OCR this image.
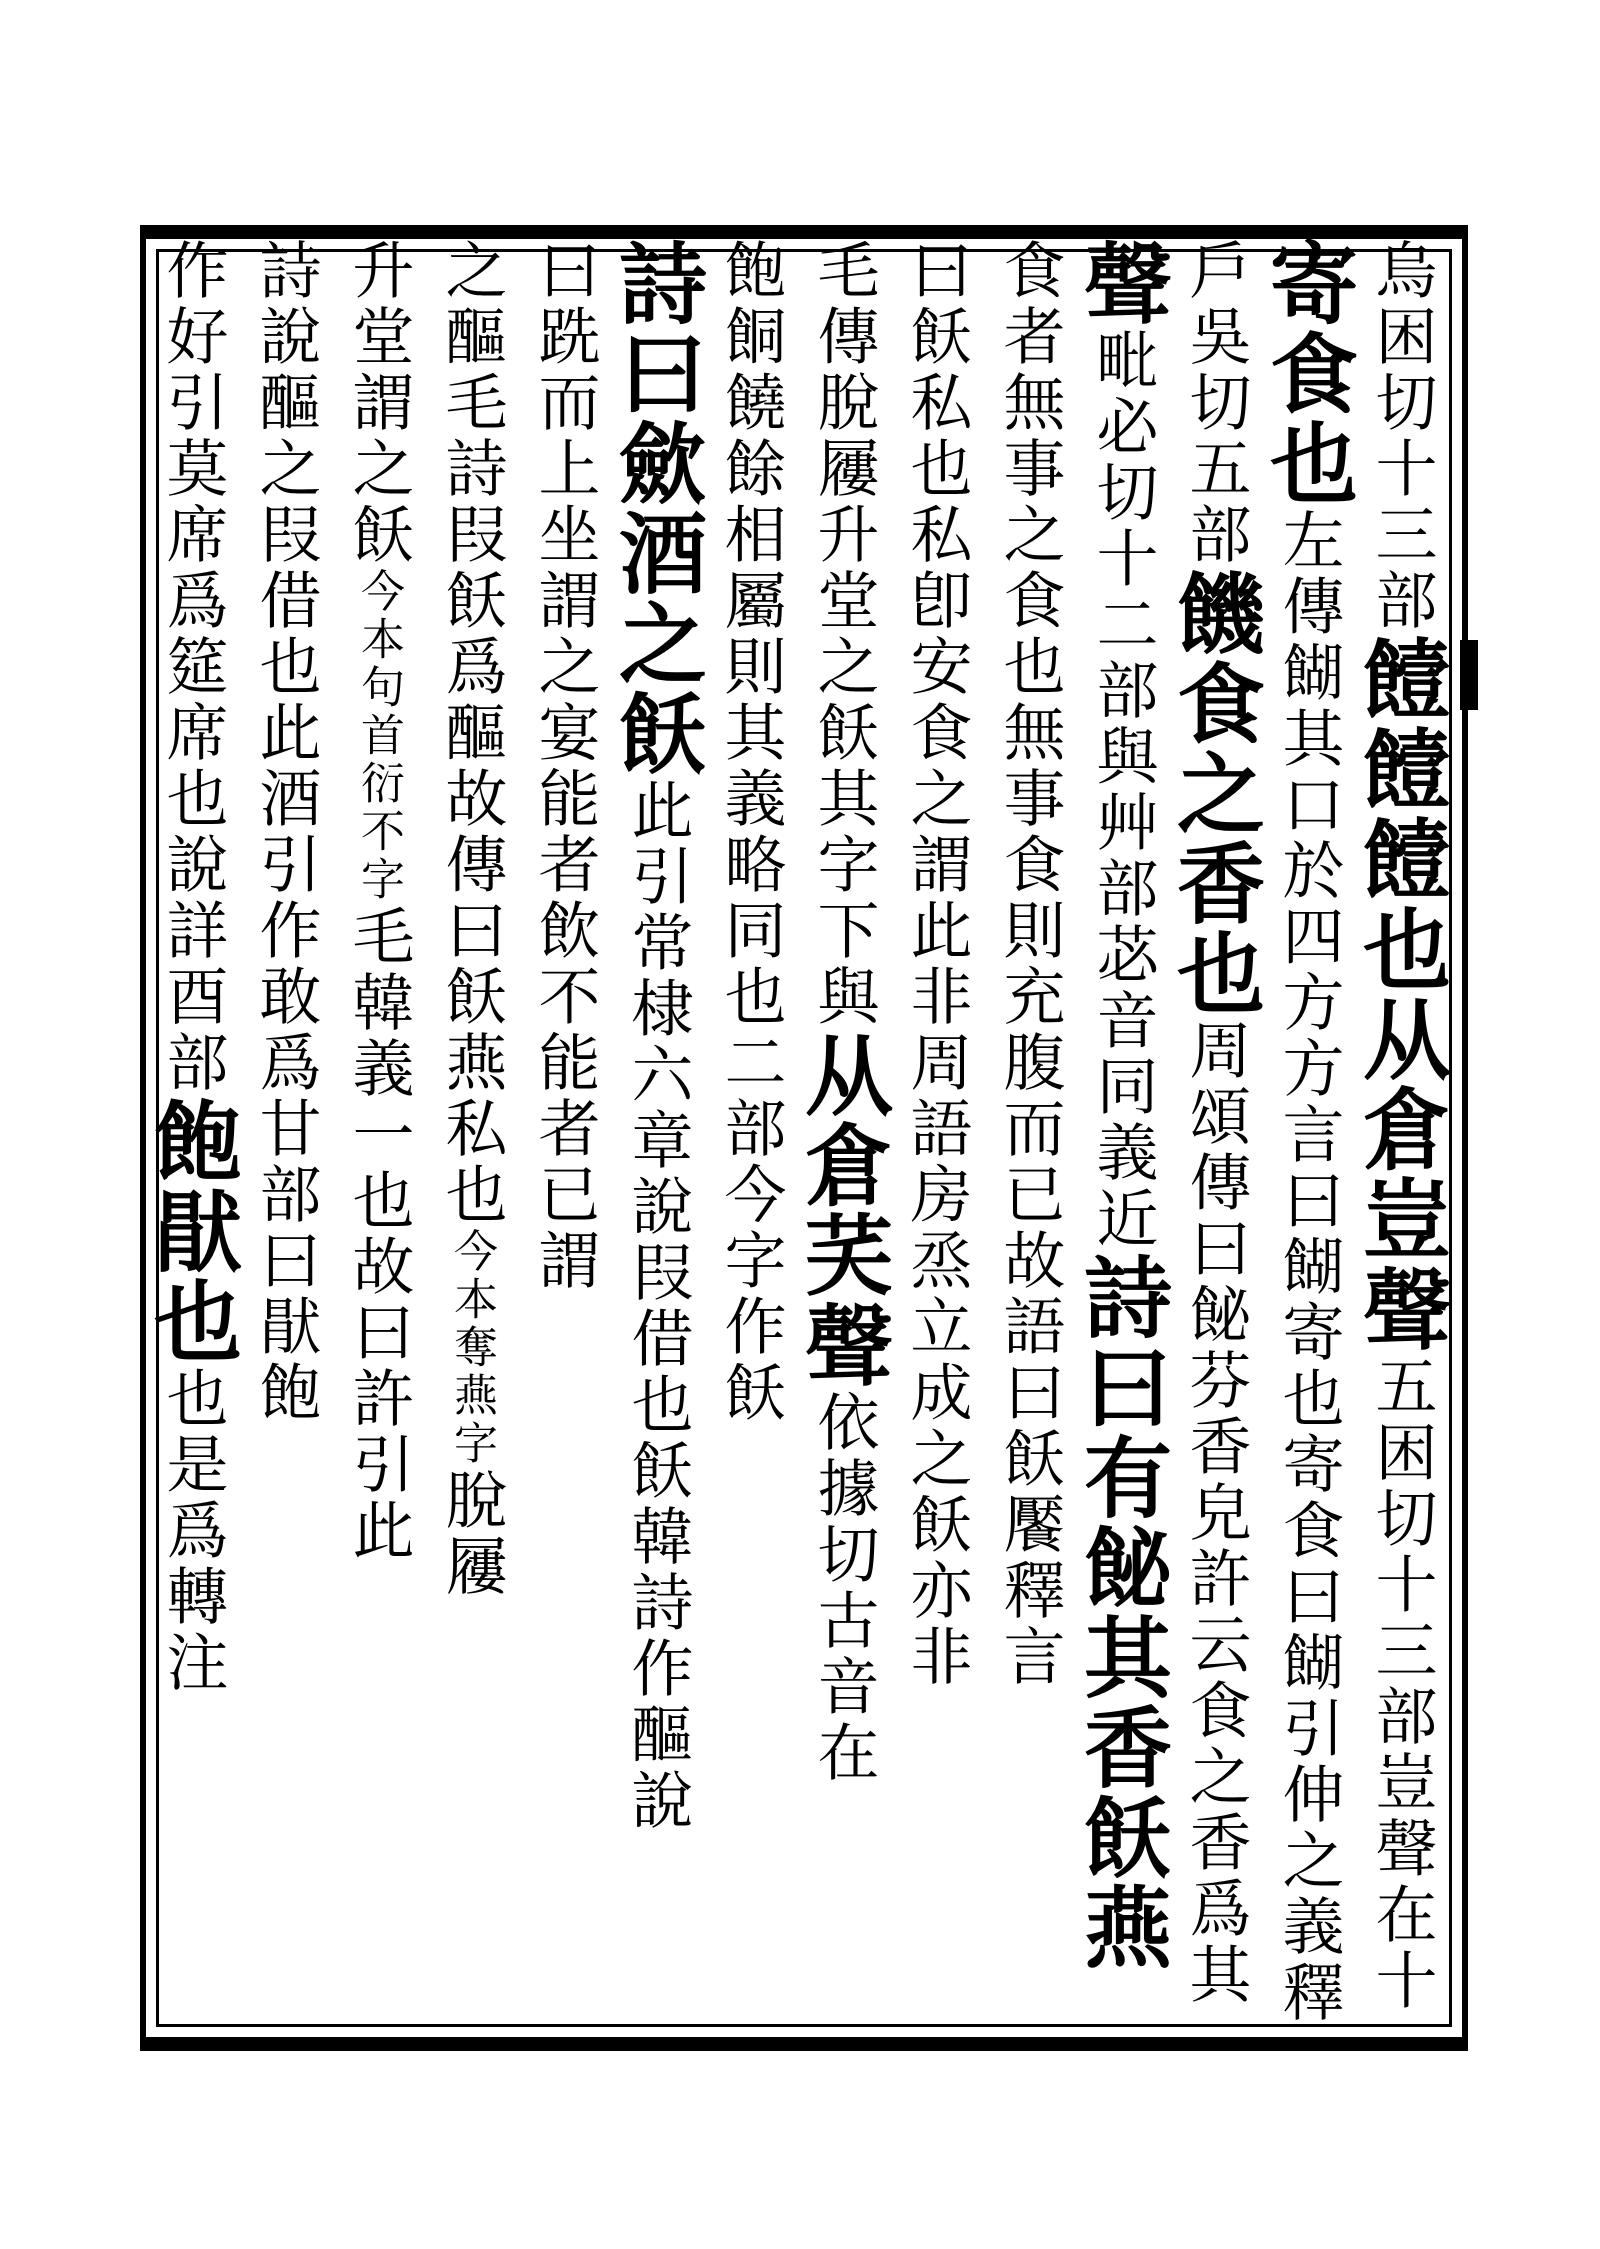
烏困切十三部饐饐饐也从倉豈聲五困切十三部豈聲在十
寄食也左傳餬其口於四方方言曰餬寄也寄食曰餬引伸之義釋
戶吳切五部饑食之香也周頌傳曰飶芬香皃許云食之香爲其
聲毗必切十二部與艸部苾音同義近詩曰有飶其香飫燕
食者無事之食也無事食則充腹而已故語曰飫饜釋言
曰飫私也私卽安食之謂此非周語房烝立成之飫亦非
毛傳脫屨升堂之飫其字下與从倉芺聲依據切古音在
飽餇饒餘相屬則其義略同也二部今字作飫
詩曰歛酒之飫此引常棣六章說叚借也飫韓詩作醧說
曰跣而上坐謂之宴能者飲不能者已謂
之醧毛詩叚飫爲醧故傳曰飫燕私也今本奪燕字脫屨
升堂謂之飫今本句首衍不字毛韓義一也故曰許引此
詩說醧之叚借也此酒引作敢爲甘部曰猒飽
作好引莫席爲筵席也說詳酉部飽猒也也是爲轉注
